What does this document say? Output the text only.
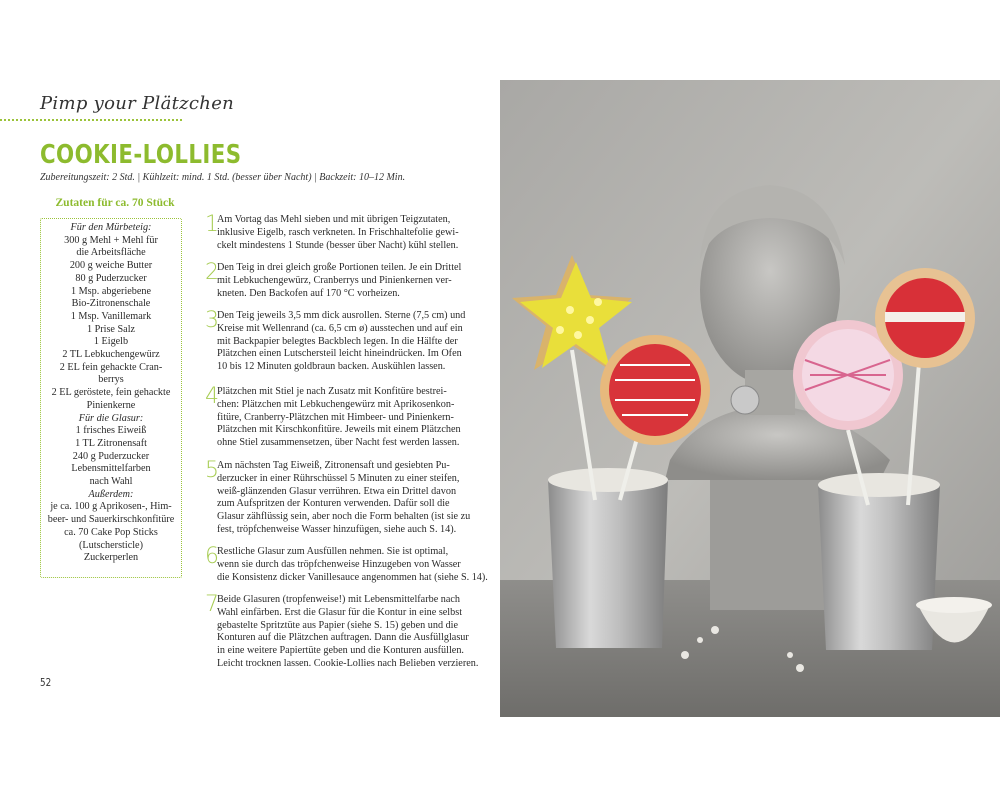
Pimp your Plätzchen
COOKIE-LOLLIES
Zubereitungszeit: 2 Std. | Kühlzeit: mind. 1 Std. (besser über Nacht) | Backzeit: 10–12 Min.
Zutaten für ca. 70 Stück
Für den Mürbeteig:
300 g Mehl + Mehl für
die Arbeitsfläche
200 g weiche Butter
80 g Puderzucker
1 Msp. abgeriebene
Bio-Zitronenschale
1 Msp. Vanillemark
1 Prise Salz
1 Eigelb
2 TL Lebkuchengewürz
2 EL fein gehackte Cran-
berrys
2 EL geröstete, fein gehackte
Pinienkerne
Für die Glasur:
1 frisches Eiweiß
1 TL Zitronensaft
240 g Puderzucker
Lebensmittelfarben
nach Wahl
Außerdem:
je ca. 100 g Aprikosen-, Him-
beer- und Sauerkirschkonfitüre
ca. 70 Cake Pop Sticks
(Lutschersticle)
Zuckerperlen
1
Am Vortag das Mehl sieben und mit übrigen Teigzutaten,
inklusive Eigelb, rasch verkneten. In Frischhaltefolie gewi-
ckelt mindestens 1 Stunde (besser über Nacht) kühl stellen.
2
Den Teig in drei gleich große Portionen teilen. Je ein Drittel
mit Lebkuchengewürz, Cranberrys und Pinienkernen ver-
kneten. Den Backofen auf 170 °C vorheizen.
3
Den Teig jeweils 3,5 mm dick ausrollen. Sterne (7,5 cm) und
Kreise mit Wellenrand (ca. 6,5 cm ø) ausstechen und auf ein
mit Backpapier belegtes Backblech legen. In die Hälfte der
Plätzchen einen Lutschersteil leicht hineindrücken. Im Ofen
10 bis 12 Minuten goldbraun backen. Auskühlen lassen.
4
Plätzchen mit Stiel je nach Zusatz mit Konfitüre bestrei-
chen: Plätzchen mit Lebkuchengewürz mit Aprikosenkon-
fitüre, Cranberry-Plätzchen mit Himbeer- und Pinienkern-
Plätzchen mit Kirschkonfitüre. Jeweils mit einem Plätzchen
ohne Stiel zusammensetzen, über Nacht fest werden lassen.
5
Am nächsten Tag Eiweiß, Zitronensaft und gesiebten Pu-
derzucker in einer Rührschüssel 5 Minuten zu einer steifen,
weiß-glänzenden Glasur verrühren. Etwa ein Drittel davon
zum Aufspritzen der Konturen verwenden. Dafür soll die
Glasur zähflüssig sein, aber noch die Form behalten (ist sie zu
fest, tröpfchenweise Wasser hinzufügen, siehe auch S. 14).
6
Restliche Glasur zum Ausfüllen nehmen. Sie ist optimal,
wenn sie durch das tröpfchenweise Hinzugeben von Wasser
die Konsistenz dicker Vanillesauce angenommen hat (siehe S. 14).
7
Beide Glasuren (tropfenweise!) mit Lebensmittelfarbe nach
Wahl einfärben. Erst die Glasur für die Kontur in eine selbst
gebastelte Spritztüte aus Papier (siehe S. 15) geben und die
Konturen auf die Plätzchen auftragen. Dann die Ausfüllglasur
in eine weitere Papiertüte geben und die Konturen ausfüllen.
Leicht trocknen lassen. Cookie-Lollies nach Belieben verzieren.
52
